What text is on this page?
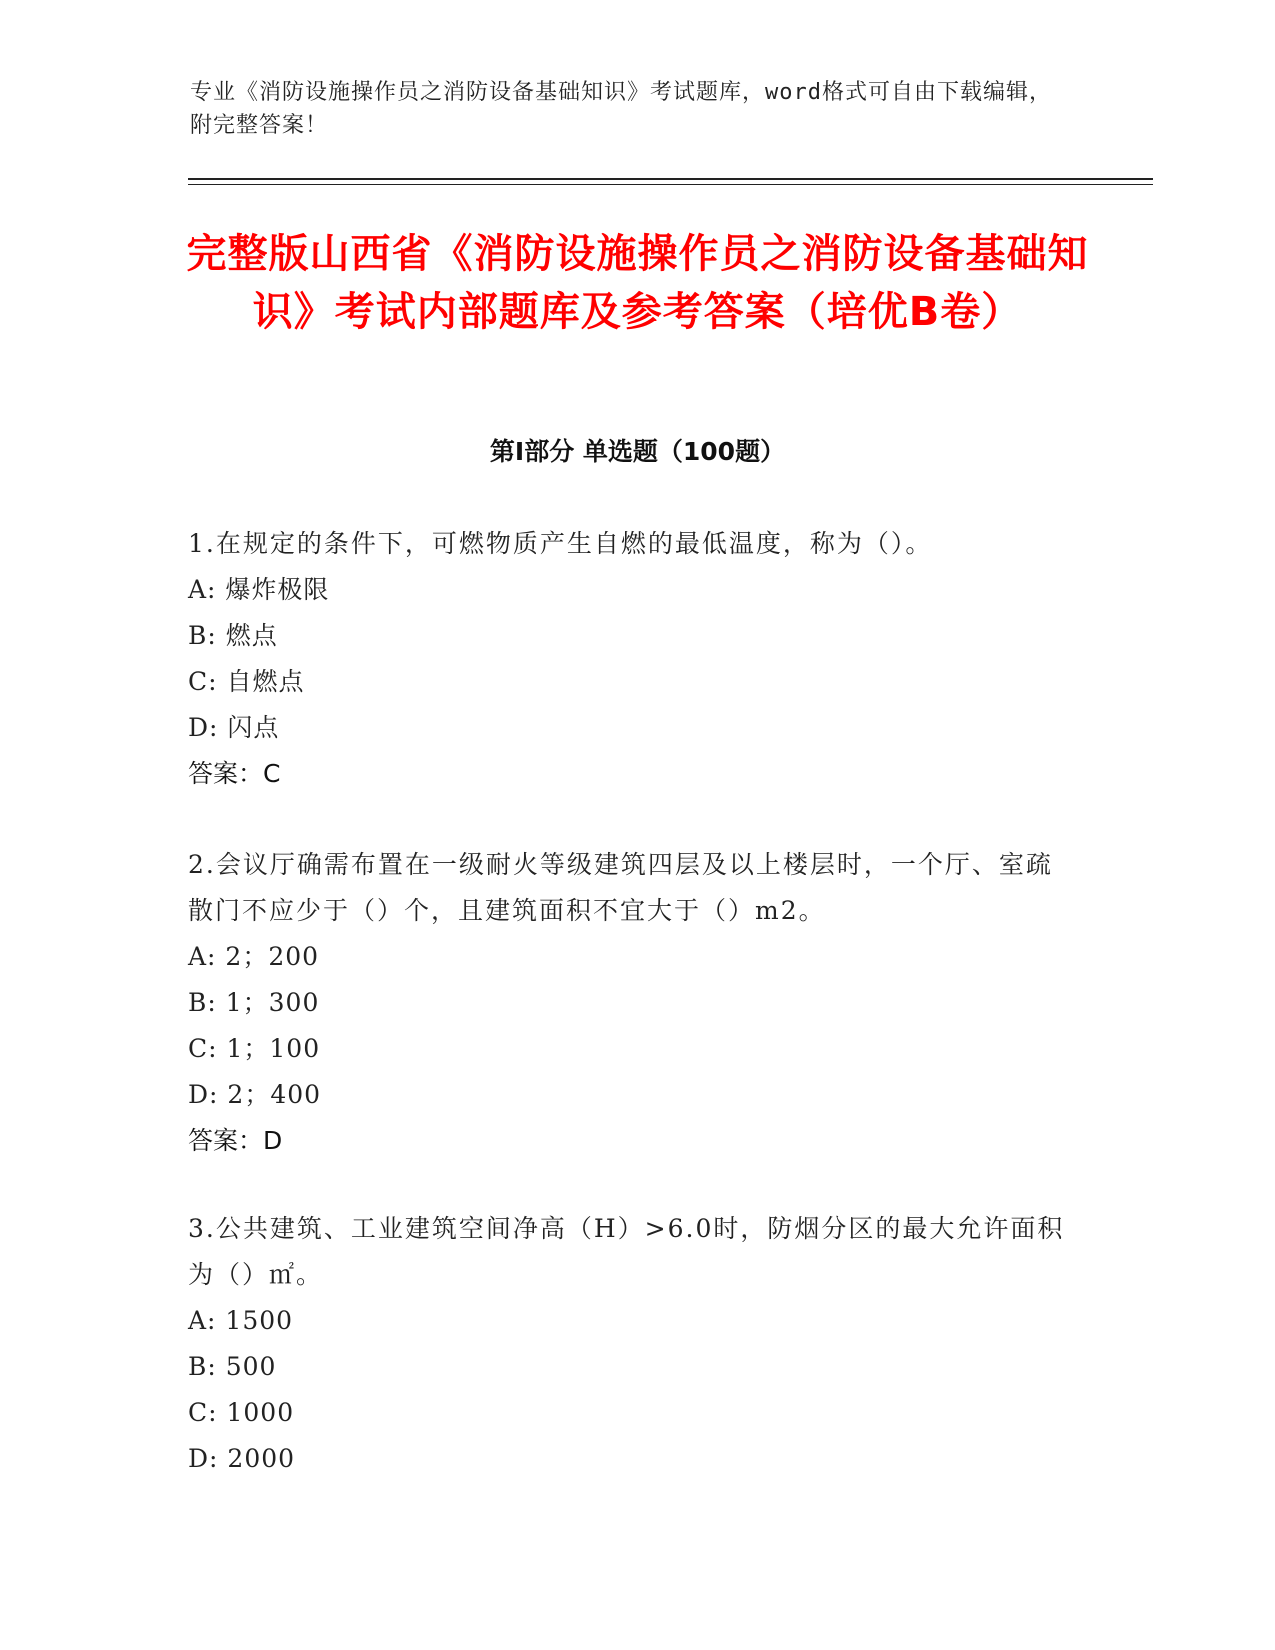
专业《消防设施操作员之消防设备基础知识》考试题库，word格式可自由下载编辑，附完整答案！
完整版山西省《消防设施操作员之消防设备基础知识》考试内部题库及参考答案（培优B卷）
第I部分 单选题（100题）

1.在规定的条件下，可燃物质产生自燃的最低温度，称为（）。

A: 爆炸极限

B: 燃点

C: 自燃点

D: 闪点

答案：C

2.会议厅确需布置在一级耐火等级建筑四层及以上楼层时，一个厅、室疏散门不应少于（）个，且建筑面积不宜大于（）m2。

A: 2；200

B: 1；300

C: 1；100

D: 2；400

答案：D

3.公共建筑、工业建筑空间净高（H）>6.0时，防烟分区的最大允许面积为（）㎡。

A: 1500

B: 500

C: 1000

D: 2000
